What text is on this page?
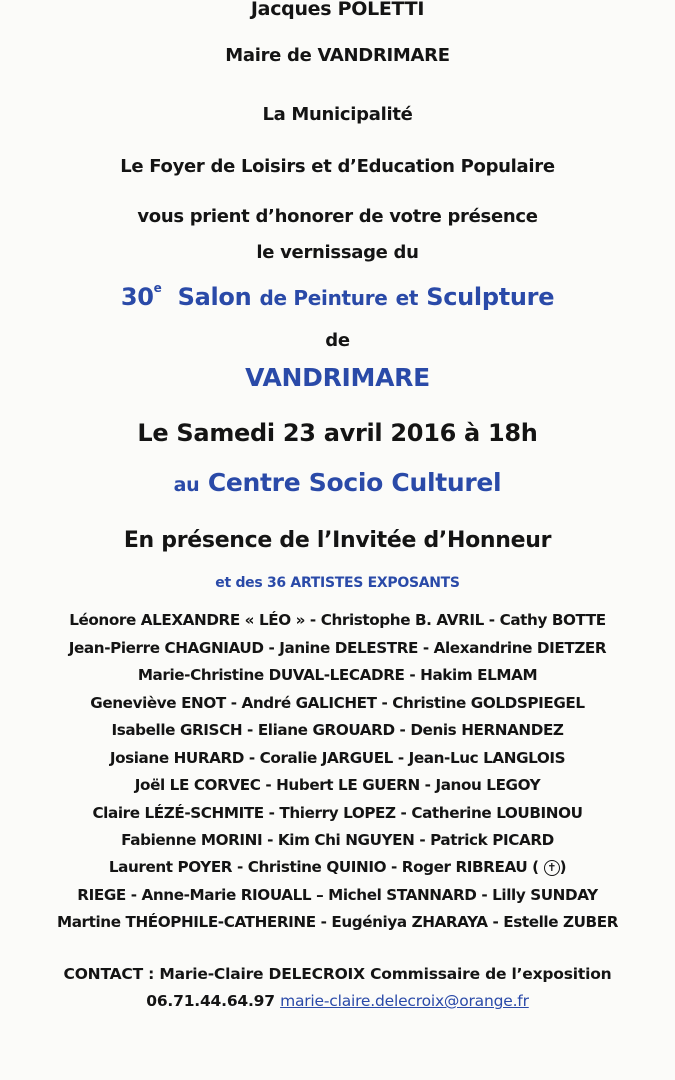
Jacques POLETTI
Maire de VANDRIMARE
La Municipalité
Le Foyer de Loisirs et d’Education Populaire
vous prient d’honorer de votre présence
le vernissage du
30e Salon de Peinture et Sculpture
de
VANDRIMARE
Le Samedi 23 avril 2016 à 18h
au Centre Socio Culturel
En présence de l’Invitée d’Honneur
et des 36 ARTISTES EXPOSANTS
Léonore ALEXANDRE « LÉO » - Christophe B. AVRIL - Cathy BOTTE
Jean-Pierre CHAGNIAUD - Janine DELESTRE - Alexandrine DIETZER
Marie-Christine DUVAL-LECADRE - Hakim ELMAM
Geneviève ENOT - André GALICHET - Christine GOLDSPIEGEL
Isabelle GRISCH - Eliane GROUARD - Denis HERNANDEZ
Josiane HURARD - Coralie JARGUEL - Jean-Luc LANGLOIS
Joël LE CORVEC - Hubert LE GUERN - Janou LEGOY
Claire LÉZÉ-SCHMITE - Thierry LOPEZ - Catherine LOUBINOU
Fabienne MORINI - Kim Chi NGUYEN - Patrick PICARD
Laurent POYER - Christine QUINIO - Roger RIBREAU ( ✝ )
RIEGE - Anne-Marie RIOUALL – Michel STANNARD - Lilly SUNDAY
Martine THÉOPHILE-CATHERINE - Eugéniya ZHARAYA - Estelle ZUBER
CONTACT : Marie-Claire DELECROIX Commissaire de l’exposition
06.71.44.64.97 marie-claire.delecroix@orange.fr
